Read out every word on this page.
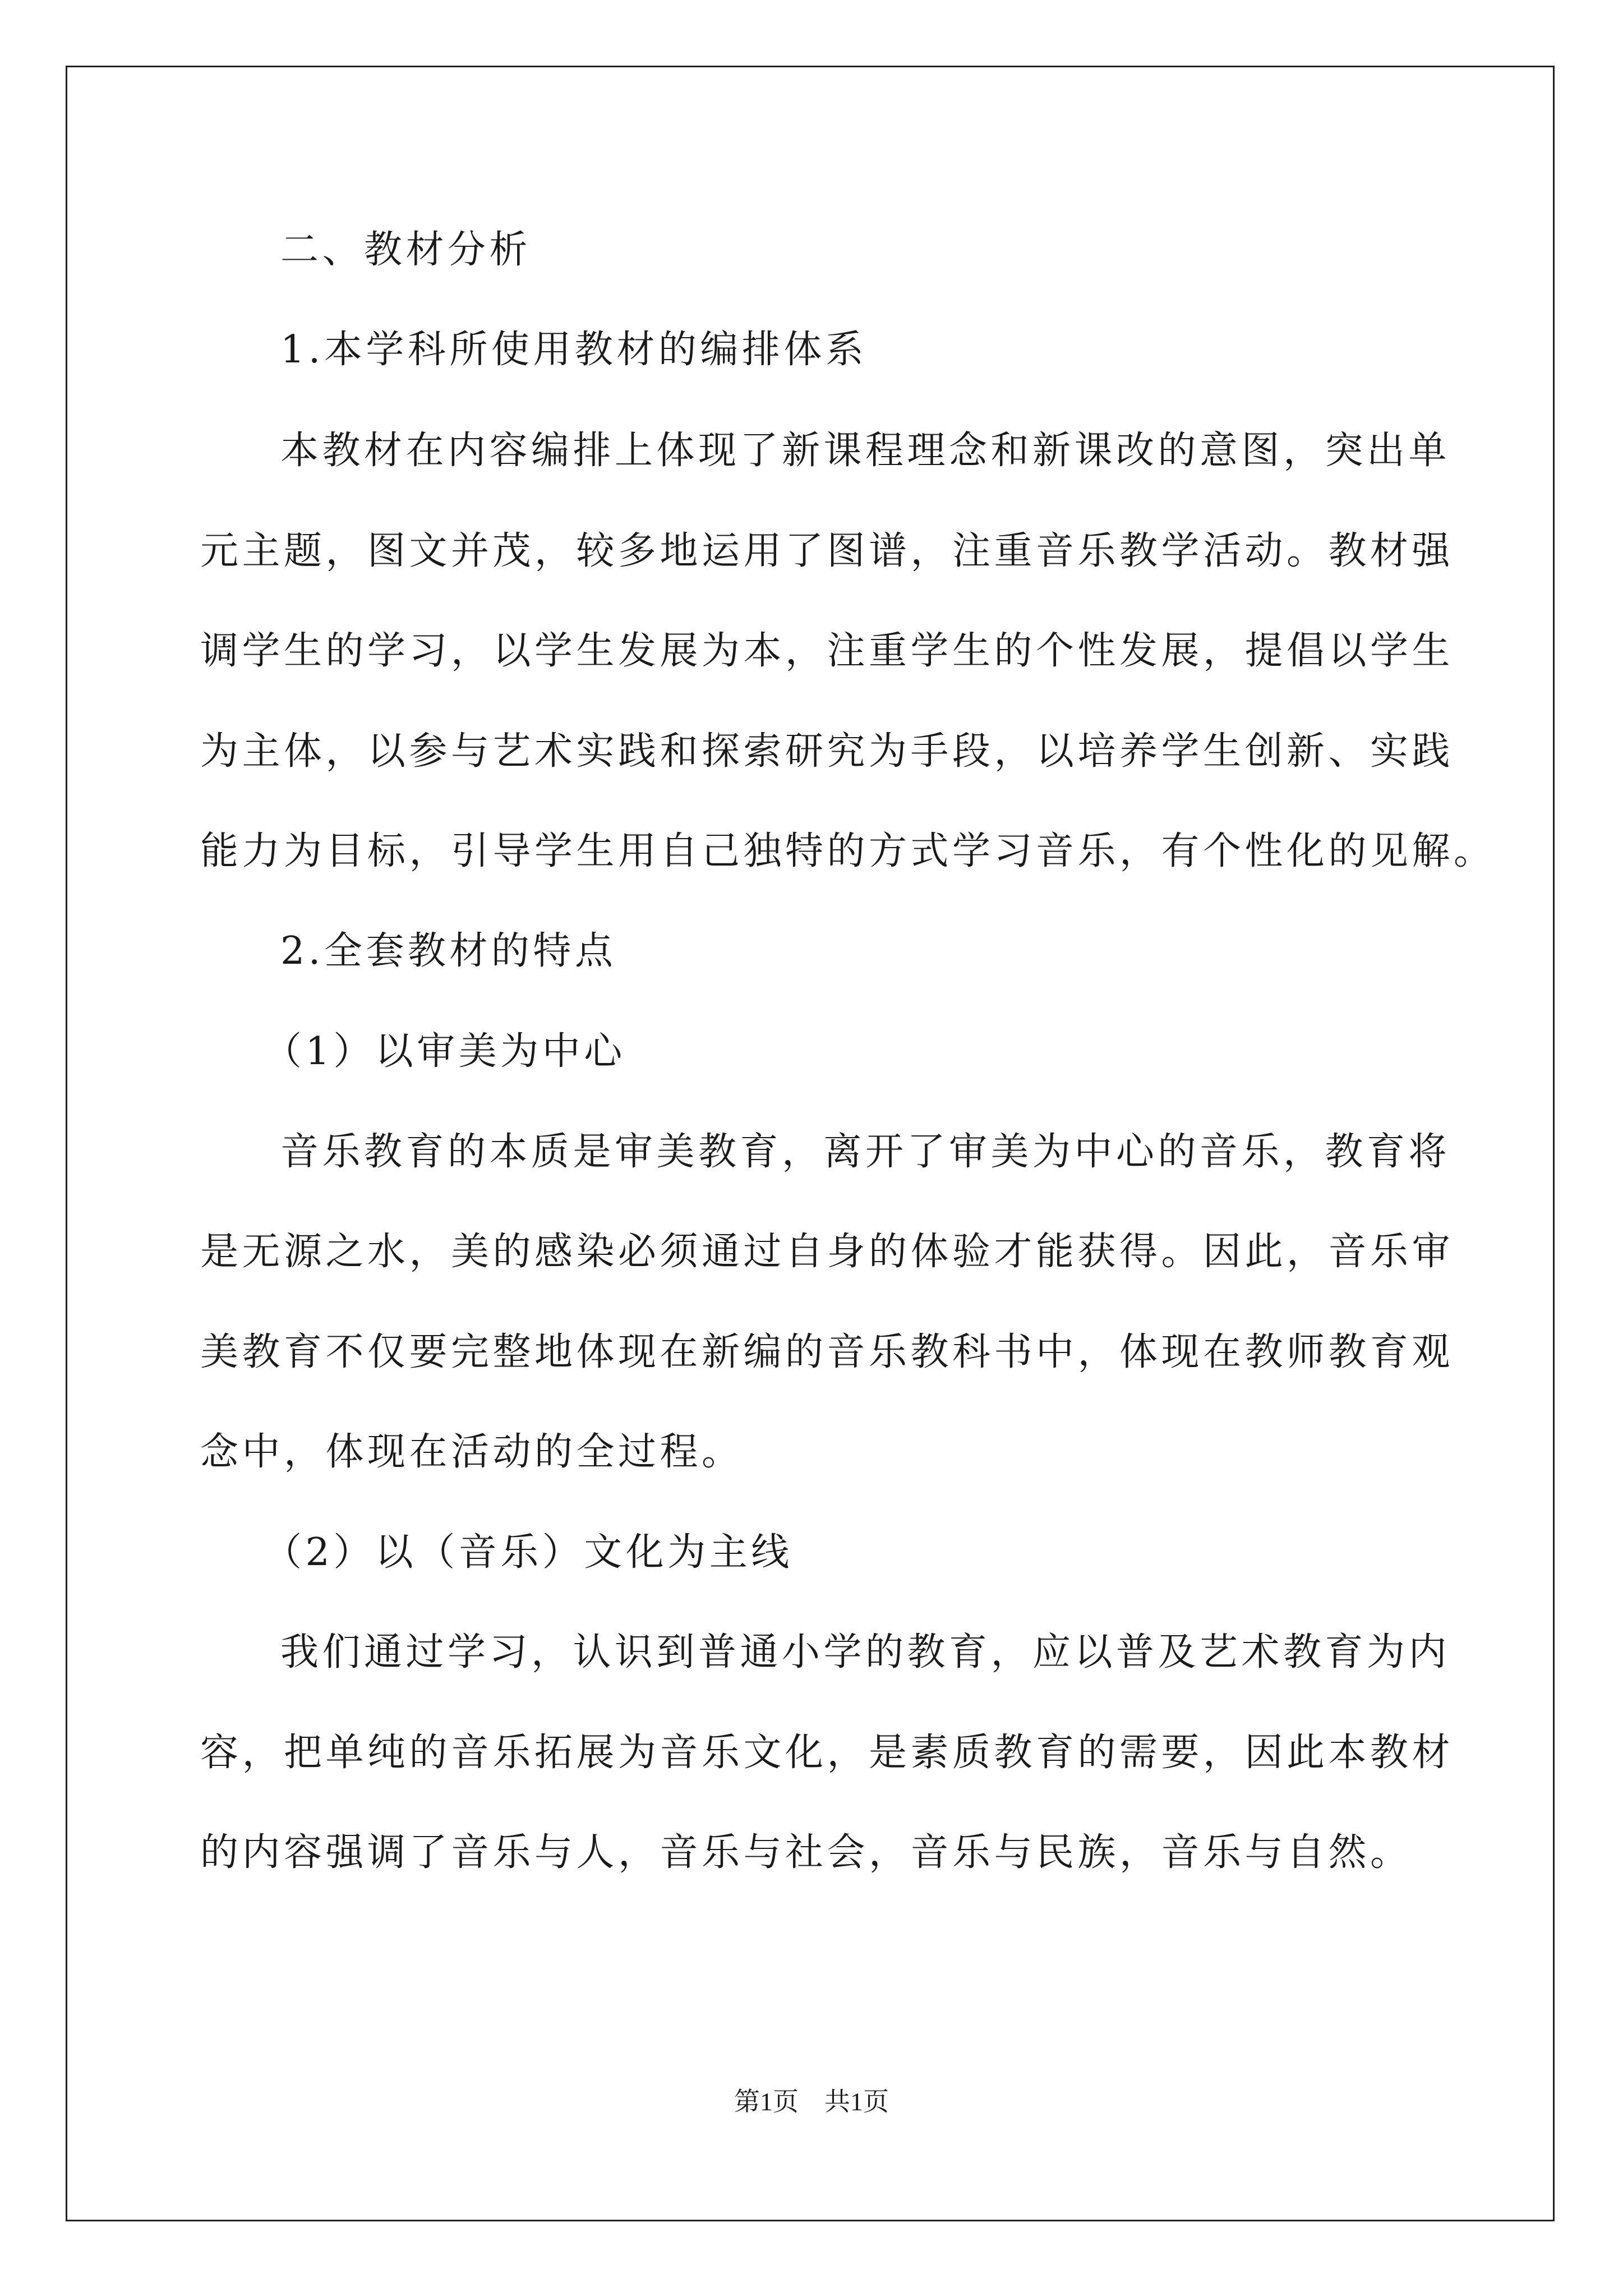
二、教材分析
1.本学科所使用教材的编排体系
本教材在内容编排上体现了新课程理念和新课改的意图，突出单
元主题，图文并茂，较多地运用了图谱，注重音乐教学活动。教材强
调学生的学习，以学生发展为本，注重学生的个性发展，提倡以学生
为主体，以参与艺术实践和探索研究为手段，以培养学生创新、实践
能力为目标，引导学生用自己独特的方式学习音乐，有个性化的见解。
2.全套教材的特点
（1）以审美为中心
音乐教育的本质是审美教育，离开了审美为中心的音乐，教育将
是无源之水，美的感染必须通过自身的体验才能获得。因此，音乐审
美教育不仅要完整地体现在新编的音乐教科书中，体现在教师教育观
念中，体现在活动的全过程。
（2）以（音乐）文化为主线
我们通过学习，认识到普通小学的教育，应以普及艺术教育为内
容，把单纯的音乐拓展为音乐文化，是素质教育的需要，因此本教材
的内容强调了音乐与人，音乐与社会，音乐与民族，音乐与自然。
第1页　共1页
